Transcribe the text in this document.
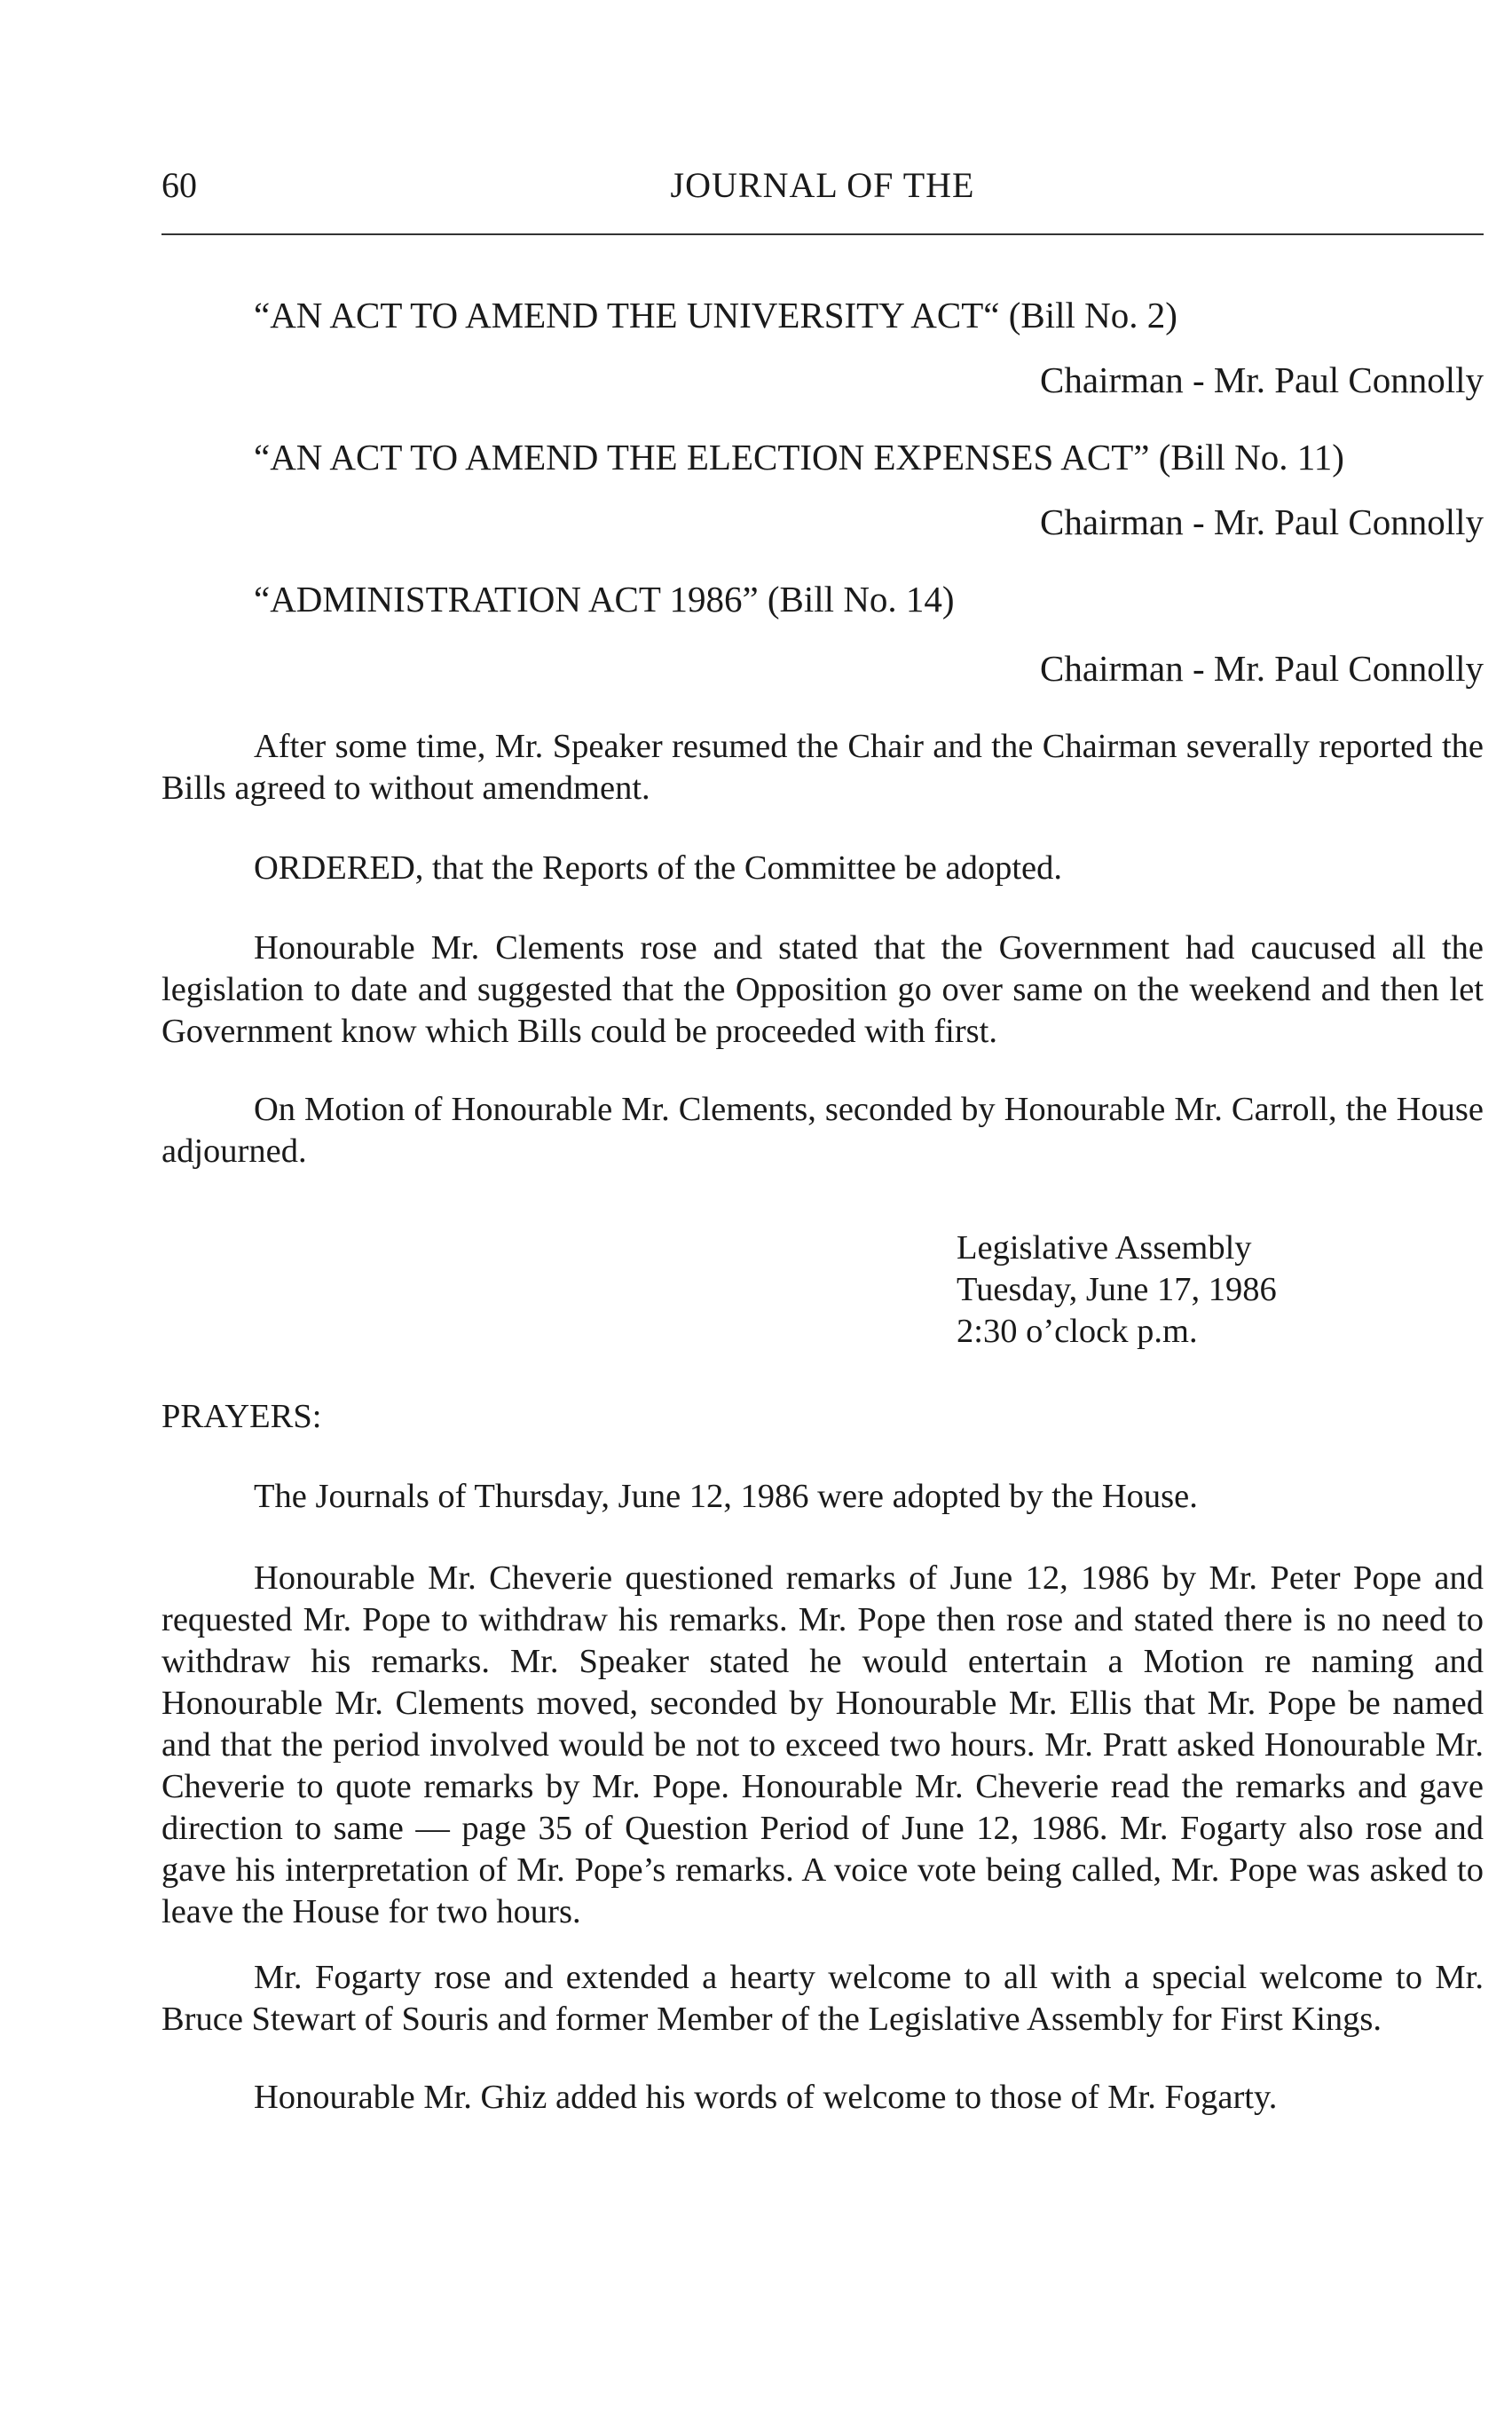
60	JOURNAL OF THE
“AN ACT TO AMEND THE UNIVERSITY ACT“ (Bill No. 2)
Chairman - Mr. Paul Connolly
“AN ACT TO AMEND THE ELECTION EXPENSES ACT” (Bill No. 11)
Chairman - Mr. Paul Connolly
“ADMINISTRATION ACT 1986” (Bill No. 14)
Chairman - Mr. Paul Connolly

After some time, Mr. Speaker resumed the Chair and the Chairman severally reported the Bills agreed to without amendment.

ORDERED, that the Reports of the Committee be adopted.

Honourable Mr. Clements rose and stated that the Government had caucused all the legislation to date and suggested that the Opposition go over same on the weekend and then let Government know which Bills could be proceeded with first.

On Motion of Honourable Mr. Clements, seconded by Honourable Mr. Carroll, the House adjourned.

Legislative Assembly
Tuesday, June 17, 1986
2:30 o’clock p.m.
PRAYERS:

The Journals of Thursday, June 12, 1986 were adopted by the House.

Honourable Mr. Cheverie questioned remarks of June 12, 1986 by Mr. Peter Pope and requested Mr. Pope to withdraw his remarks. Mr. Pope then rose and stated there is no need to withdraw his remarks. Mr. Speaker stated he would entertain a Motion re naming and Honourable Mr. Clements moved, seconded by Honourable Mr. Ellis that Mr. Pope be named and that the period involved would be not to exceed two hours. Mr. Pratt asked Honourable Mr. Cheverie to quote remarks by Mr. Pope. Honourable Mr. Cheverie read the remarks and gave direction to same — page 35 of Question Period of June 12, 1986. Mr. Fogarty also rose and gave his interpretation of Mr. Pope’s remarks. A voice vote being called, Mr. Pope was asked to leave the House for two hours.

Mr. Fogarty rose and extended a hearty welcome to all with a special welcome to Mr. Bruce Stewart of Souris and former Member of the Legislative Assembly for First Kings.

Honourable Mr. Ghiz added his words of welcome to those of Mr. Fogarty.
